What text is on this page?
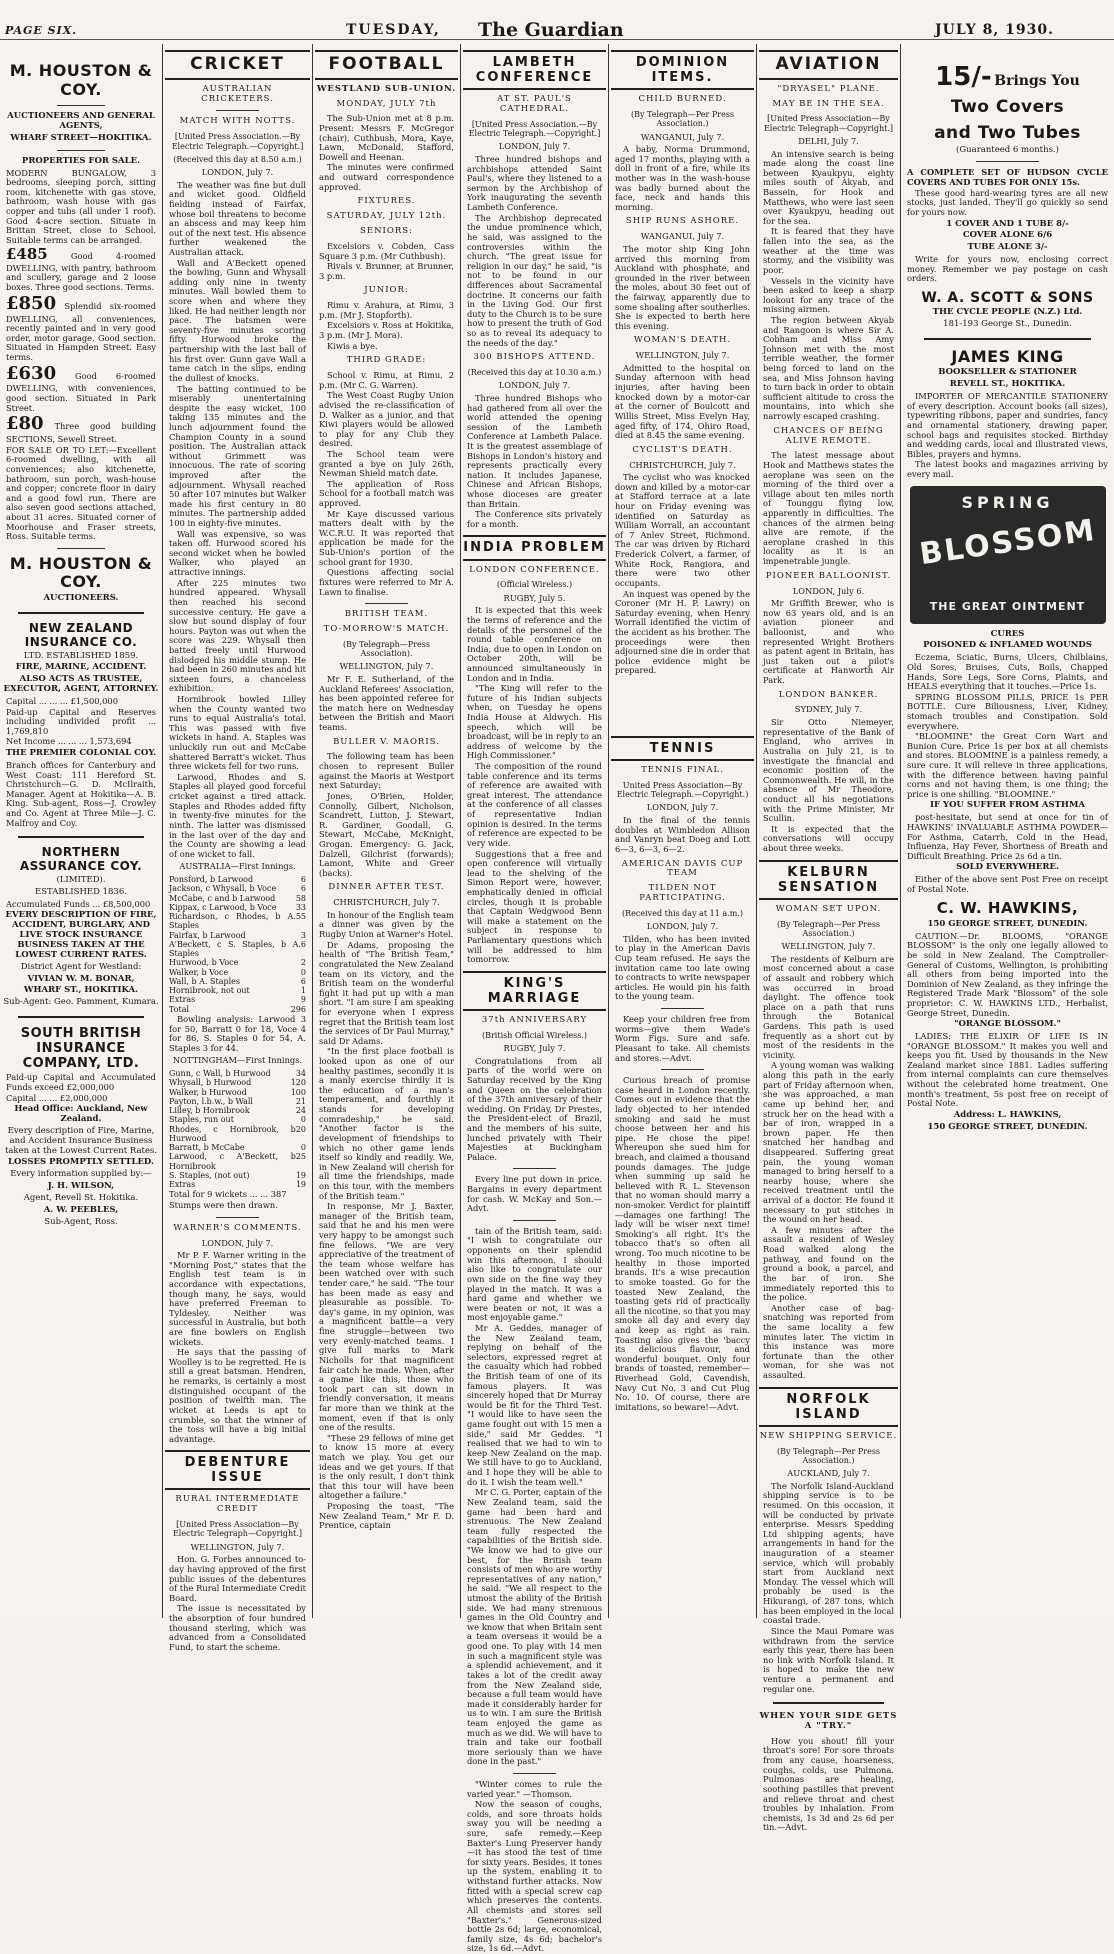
PAGE SIX.	TUESDAY, The Guardian	JULY 8, 1930.
M. HOUSTON & COY.
AUCTIONEERS AND GENERAL AGENTS,
WHARF STREET—HOKITIKA.
PROPERTIES FOR SALE.

MODERN BUNGALOW, 3 bedrooms, sleeping porch, sitting room, kitchenette with gas stove, bathroom, wash house with gas copper and tubs (all under 1 roof). Good 4-acre section. Situate in Brittan Street, close to School. Suitable terms can be arranged.

£485	Good 4-roomed DWELLING, with pantry, bathroom and scullery, garage and 2 loose boxes. Three good sections. Terms.

£850 Splendid six-roomed DWELLING, all conveniences, recently painted and in very good order, motor garage. Good section. Situated in Hampden Street. Easy terms.

£630 Good 6-roomed DWELLING, with conveniences, good section. Situated in Park Street.

£80 Three good building SECTIONS, Sewell Street.

FOR SALE OR TO LET:—Excellent 6-roomed dwelling, with all conveniences; also kitchenette, bathroom, sun porch, wash-house and copper; concrete floor in dairy and a good fowl run. There are also seven good sections attached, about 31 acres. Situated corner of Moorhouse and Fraser streets, Ross. Suitable terms.

M. HOUSTON & COY.
AUCTIONEERS.
NEW ZEALAND INSURANCE CO.
LTD. ESTABLISHED 1859.
FIRE, MARINE, ACCIDENT.
ALSO ACTS AS TRUSTEE, EXECUTOR, AGENT, ATTORNEY.
Capital ... ... ... £1,500,000
Paid-up Capital and Reserves including undivided profit ... 1,769,810
Net Income ... ... ... 1,573,694
THE PREMIER COLONIAL COY.

Branch offices for Canterbury and West Coast: 111 Hereford St. Christchurch—G. D. McIlraith, Manager. Agent at Hokitika—A. B. King. Sub-agent, Ross—J. Crowley and Co. Agent at Three Mile—J. C. Malfroy and Coy.

NORTHERN ASSURANCE COY.
(LIMITED).
ESTABLISHED 1836.
Accumulated Funds ... £8,500,000
EVERY DESCRIPTION OF FIRE, ACCIDENT, BURGLARY, AND LIVE STOCK INSURANCE BUSINESS TAKEN AT THE LOWEST CURRENT RATES.
District Agent for Westland:
VIVIAN W. M. BONAR,
WHARF ST., HOKITIKA.
Sub-Agent: Geo. Pamment, Kumara.
SOUTH BRITISH INSURANCE COMPANY, LTD.
Paid-up Capital and Accumulated Funds exceed £2,000,000
Capital ... ... £2,000,000
Head Office: Auckland, New Zealand.
Every description of Fire, Marine, and Accident Insurance Business taken at the Lowest Current Rates.
LOSSES PROMPTLY SETTLED.
Every information supplied by:—
J. H. WILSON,
Agent, Revell St. Hokitika.
A. W. PEEBLES,
Sub-Agent, Ross.
CRICKET
AUSTRALIAN CRICKETERS.
MATCH WITH NOTTS.
[United Press Association.—By Electric Telegraph.—Copyright.]
(Received this day at 8.50 a.m.)
LONDON, July 7.

The weather was fine but dull and wicket good. Oldfield fielding instead of Fairfax, whose boil threatens to become an abscess and may keep him out of the next test. His absence further weakened the Australian attack.

Wall and A'Beckett opened the bowling, Gunn and Whysall adding only nine in twenty minutes. Wall bowled them to score when and where they liked. He had neither length nor pace. The batsmen were seventy-five minutes scoring fifty. Hurwood broke the partnership with the last ball of his first over. Gunn gave Wall a tame catch in the slips, ending the dullest of knocks.

The batting continued to be miserably unentertaining despite the easy wicket, 100 taking 135 minutes and the lunch adjournment found the Champion County in a sound position. The Australian attack without Grimmett was innocuous. The rate of scoring improved after the adjournment. Whysall reached 50 after 107 minutes but Walker made his first century in 80 minutes. The partnership added 100 in eighty-five minutes.

Wall was expensive, so was taken off. Hurwood scored his second wicket when he bowled Walker, who played an attractive innings.

After 225 minutes two hundred appeared. Whysall then reached his second successive century. He gave a slow but sound display of four hours. Payton was out when the score was 229. Whysall then batted freely until Hurwood dislodged his middle stump. He had been in 260 minutes and hit sixteen fours, a chanceless exhibition.

Hornibrook bowled Lilley when the County wanted two runs to equal Australia's total. This was passed with five wickets in hand. A. Staples was unluckily run out and McCabe shattered Barratt's wicket. Thus three wickets fell for two runs.

Larwood, Rhodes and S. Staples all played good forceful cricket against a tired attack. Staples and Rhodes added fifty in twenty-five minutes for the ninth. The latter was dismissed in the last over of the day and the County are showing a lead of one wicket to fall.

AUSTRALIA—First Innings.
Ponsford, b Larwood	6
Jackson, c Whysall, b Voce	6
McCabe, c and b Larwood	58
Kippax, c Larwood, b Voce 33
Richardson, c Rhodes, b A. Staples
55
Fairfax, b Larwood	3
A'Beckett, c S. Staples, b A. Staples
6
Hurwood, b Voce	2
Walker, b Voce	0
Wall, b A. Staples	6
Hornibrook, not out	1
Extras	9
Total	296

Bowling analysis: Larwood 3 for 50, Barratt 0 for 18, Voce 4 for 86, S. Staples 0 for 54, A. Staples 3 for 44.

NOTTINGHAM—First Innings.
Gunn, c Wall, b Hurwood	34
Whysall, b Hurwood	120
Walker, b Hurwood	100
Payton, l.b.w., b Wall	21
Lilley, b Hornibrook	24
Staples, run out	0
Rhodes, c Hornibrook, b Hurwood
20
Barratt, b McCabe	0
Larwood, c A'Beckett, b Hornibrook
25
S. Staples, (not out)	19
Extras	19
Total for 9 wickets ... ... 387
Stumps were then drawn.
WARNER'S COMMENTS.
LONDON, July 7.

Mr P. F. Warner writing in the "Morning Post," states that the English test team is in accordance with expectations, though many, he says, would have preferred Freeman to Tyldesley. Neither was successful in Australia, but both are fine bowlers on English wickets.

He says that the passing of Woolley is to be regretted. He is still a great batsman. Hendren, he remarks, is certainly a most distinguished occupant of the position of twelfth man. The wicket at Leeds is apt to crumble, so that the winner of the toss will have a big initial advantage.

DEBENTURE ISSUE
RURAL INTERMEDIATE CREDIT
[United Press Association—By Electric Telegraph—Copyright.]
WELLINGTON, July 7.

Hon. G. Forbes announced to-day having approved of the first public issues of the debentures of the Rural Intermediate Credit Board.

The issue is necessitated by the absorption of four hundred thousand sterling, which was advanced from a Consolidated Fund, to start the scheme.

FOOTBALL
WESTLAND SUB-UNION.
MONDAY, JULY 7th

The Sub-Union met at 8 p.m. Present: Messrs F. McGregor (chair), Cuthbush, Mora, Kaye, Lawn, McDonald, Stafford, Dowell and Heenan.

The minutes were confirmed and outward correspondence approved.

FIXTURES.
SATURDAY, JULY 12th.
SENIORS:

Excelsiors v. Cobden, Cass Square 3 p.m. (Mr Cuthbush).

Rivals v. Brunner, at Brunner, 3 p.m.

JUNIOR:

Rimu v. Arahura, at Rimu, 3 p.m. (Mr J. Stopforth).

Excelsiors v. Ross at Hokitika, 3 p.m. (Mr J. Mora).

Kiwis a bye.

THIRD GRADE:

School v. Rimu, at Rimu, 2 p.m. (Mr C. G. Warren).

The West Coast Rugby Union advised the re-classification of D. Walker as a junior, and that Kiwi players would be allowed to play for any Club they desired.

The School team were granted a bye on July 26th, Newman Shield match date.

The application of Ross School for a football match was approved.

Mr Kaye discussed various matters dealt with by the W.C.R.U. It was reported that application be made for the Sub-Union's portion of the school grant for 1930.

Questions affecting social fixtures were referred to Mr A. Lawn to finalise.

BRITISH TEAM.
TO-MORROW'S MATCH.
(By Telegraph—Press Association).
WELLINGTON, July 7.

Mr F. E. Sutherland, of the Auckland Referees' Association, has been appointed referee for the match here on Wednesday between the British and Maori teams.

BULLER V. MAORIS.

The following team has been chosen to represent Buller against the Maoris at Westport next Saturday:

Jones, O'Brien, Holder, Connolly, Gilbert, Nicholson, Scandrett, Lutton, J. Stewart, R. Gardiner, Goodall, G. Stewart, McCabe, McKnight, Grogan. Emergency: G. Jack, Dalzell, Gilchrist (forwards); Lamont, White and Greer (backs).

DINNER AFTER TEST.
CHRISTCHURCH, July 7.

In honour of the English team a dinner was given by the Rugby Union at Warner's Hotel.

Dr Adams, proposing the health of "The British Team," congratulated the New Zealand team on its victory, and the British team on the wonderful fight it had put up with a man short. "I am sure I am speaking for everyone when I express regret that the British team lost the services of Dr Paul Murray," said Dr Adams.

"In the first place football is looked upon as one of our healthy pastimes, secondly it is a manly exercise thirdly it is the education of a man's temperament, and fourthly it stands for developing comradeship," he said. "Another factor is the development of friendships to which no other game lends itself so kindly and readily. We, in New Zealand will cherish for all time the friendships, made on this tour, with the members of the British team."

In response, Mr J. Baxter, manager of the British team, said that he and his men were very happy to be amongst such fine fellows. "We are very appreciative of the treatment of the team whose welfare has been watched over with such tender care," he said. "The tour has been made as easy and pleasurable as possible. To-day's game, in my opinion, was a magnificent battle—a very fine struggle—between two very evenly-matched teams. I give full marks to Mark Nicholls for that magnificent fair catch he made. When, after a game like this, those who took part can sit down in friendly conversation, it means far more than we think at the moment, even if that is only one of the results.

"These 29 fellows of mine get to know 15 more at every match we play. You get our ideas and we get yours. If that is the only result, I don't think that this tour will have been altogether a failure."

Proposing the toast, "The New Zealand Team," Mr F. D. Prentice, captain

LAMBETH CONFERENCE
AT ST. PAUL'S CATHEDRAL.
[United Press Association.—By Electric Telegraph.—Copyright.]
LONDON, July 7.

Three hundred bishops and archbishops attended Saint Paul's, where they listened to a sermon by the Archbishop of York inaugurating the seventh Lambeth Conference.

The Archbishop deprecated the undue prominence which, he said, was assigned to the controversies within the church. "The great issue for religion in our day," he said, "is not to be found in our differences about Sacramental doctrine. It concerns our faith in the Living God. Our first duty to the Church is to be sure how to present the truth of God so as to reveal its adequacy to the needs of the day."

300 BISHOPS ATTEND.
(Received this day at 10.30 a.m.)
LONDON, July 7.

Three hundred Bishops who had gathered from all over the world attended the opening session of the Lambeth Conference at Lambeth Palace. It is the greatest assemblage of Bishops in London's history and represents practically every nation. It includes Japanese, Chinese and African Bishops, whose dioceses are greater than Britain.

The Conference sits privately for a month.

INDIA PROBLEM
LONDON CONFERENCE.
(Official Wireless.)
RUGBY, July 5.

It is expected that this week the terms of reference and the details of the personnel of the round table conference on India, due to open in London on October 20th, will be announced simultaneously in London and in India.

"The King will refer to the future of his Indian subjects when, on Tuesday he opens India House at Aldwych. His speech, which will be broadcast, will be in reply to an address of welcome by the High Commissioner."

The composition of the round table conference and its terms of reference are awaited with great interest. The attendance at the conference of all classes of representative Indian opinion is desired. In the terms of reference are expected to be very wide.

Suggestions that a free and open conference will virtually lead to the shelving of the Simon Report were, however, emphatically denied in official circles, though it is probable that Captain Wedgwood Benn will make a statement on the subject in response to Parliamentary questions which will be addressed to him tomorrow.

KING'S MARRIAGE
37th ANNIVERSARY
(British Official Wireless.)
RUGBY, July 7.

Congratulations from all parts of the world were on Saturday received by the King and Queen on the celebration of the 37th anniversary of their wedding. On Friday, Dr Prestes, the President-elect of Brazil, and the members of his suite, lunched privately with Their Majesties at Buckingham Palace.

Every line put down in price. Bargains in every department for cash. W. McKay and Son.—Advt.

tain of the British team, said: "I wish to congratulate our opponents on their splendid win this afternoon. I should also like to congratulate our own side on the fine way they played in the match. It was a hard game and whether we were beaten or not, it was a most enjoyable game."

Mr A. Geddes, manager of the New Zealand team, replying on behalf of the selectors, expressed regret at the casualty which had robbed the British team of one of its famous players. It was sincerely hoped that Dr Murray would be fit for the Third Test. "I would like to have seen the game fought out with 15 men a side," said Mr Geddes. "I realised that we had to win to keep New Zealand on the map. We still have to go to Auckland, and I hope they will be able to do it. I wish the team well."

Mr C. G. Porter, captain of the New Zealand team, said the game had been hard and strenuous. The New Zealand team fully respected the capabilities of the British side. "We know we had to give our best, for the British team consists of men who are worthy representatives of any nation," he said. "We all respect to the utmost the ability of the British side. We had many strenuous games in the Old Country and we know that when Britain sent a team overseas it would be a good one. To play with 14 men in such a magnificent style was a splendid achievement, and it takes a lot of the credit away from the New Zealand side, because a full team would have made it considerably harder for us to win. I am sure the British team enjoyed the game as much as we did. We will have to train and take our football more seriously than we have done in the past."

"Winter comes to rule the varied year." —Thomson.

Now the season of coughs, colds, and sore throats holds sway you will be needing a sure, safe remedy.—Keep Baxter's Lung Preserver handy—it has stood the test of time for sixty years. Besides, it tones up the system, enabling it to withstand further attacks. Now fitted with a special screw cap which preserves the contents. All chemists and stores sell "Baxter's." Generous-sized bottle 2s 6d; large, economical, family size, 4s 6d; bachelor's size, 1s 6d.—Advt.

DOMINION ITEMS.
CHILD BURNED.
(By Telegraph—Per Press Association.)
WANGANUI, July 7.

A baby, Norma Drummond, aged 17 months, playing with a doll in front of a fire, while its mother was in the wash-house was badly burned about the face, neck and hands this morning.

SHIP RUNS ASHORE.
WANGANUI, July 7.

The motor ship King John arrived this morning from Auckland with phosphate, and grounded in the river between the moles, about 30 feet out of the fairway, apparently due to some shoaling after southerlies. She is expected to berth here this evening.

WOMAN'S DEATH.
WELLINGTON, July 7.

Admitted to the hospital on Sunday afternoon with head injuries, after having been knocked down by a motor-car at the corner of Boulcott and Willis Street, Miss Evelyn Hay, aged fifty, of 174, Ohiro Road, died at 8.45 the same evening.

CYCLIST'S DEATH.
CHRISTCHURCH, July 7.

The cyclist who was knocked down and killed by a motor-car at Stafford terrace at a late hour on Friday evening was identified on Saturday as William Worrall, an accountant of 7 Anlev Street, Richmond. The car was driven by Richard Frederick Colvert, a farmer, of White Rock, Rangiora, and there were two other occupants.

An inquest was opened by the Coroner (Mr H. P. Lawry) on Saturday evening, when Henry Worrall identified the victim of the accident as his brother. The proceedings were then adjourned sine die in order that police evidence might be prepared.

TENNIS
TENNIS FINAL.
United Press Association—By Electric Telegraph.—Copyright.)
LONDON, July 7.

In the final of the tennis doubles at Wimbledon Allison and Vanryn beat Doeg and Lott 6—3, 6—3, 6—2.

AMERICAN DAVIS CUP TEAM
TILDEN NOT PARTICIPATING.
(Received this day at 11 a.m.)
LONDON, July 7.

Tilden, who has been invited to play in the American Davis Cup team refused. He says the invitation came too late owing to contracts to write newspaper articles. He would pin his faith to the young team.

Keep your children free from worms—give them Wade's Worm Figs. Sure and safe. Pleasant to take. All chemists and stores.—Advt.

Curious breach of promise case heard in London recently. Comes out in evidence that the lady objected to her intended smoking and said he must choose between her and his pipe. He chose the pipe! Whereupon she sued him for breach, and claimed a thousand pounds damages. The judge when summing up said he believed with R. L. Stevenson that no woman should marry a non-smoker. Verdict for plaintiff—damages one farthing! The lady will be wiser next time! Smoking's all right. It's the tobacco that's so often all wrong. Too much nicotine to be healthy in those imported brands. It's a wise precaution to smoke toasted. Go for the toasted New Zealand, the toasting gets rid of practically all the nicotine, so that you may smoke all day and every day and keep as right as rain. Toasting also gives the 'baccy its delicious flavour, and wonderful bouquet. Only four brands of toasted, remember—Riverhead Gold, Cavendish, Navy Cut No. 3 and Cut Plug No. 10. Of course, there are imitations, so beware!—Advt.

AVIATION
"DRYASEL" PLANE.
MAY BE IN THE SEA.
[United Press Association—By Electric Telegraph—Copyright.]
DELHI, July 7.

An intensive search is being made along the coast line between Kyaukpyu, eighty miles south of Akyab, and Bassein, for Hook and Matthews, who were last seen over Kyaukpyu, heading out for the sea.

It is feared that they have fallen into the sea, as the weather at the time was stormy, and the visibility was poor.

Vessels in the vicinity have been asked to keep a sharp lookout for any trace of the missing airmen.

The region between Akyab and Rangoon is where Sir A. Cobham and Miss Amy Johnson met with the most terrible weather, the former being forced to land on the sea, and Miss Johnson having to turn back in order to obtain sufficient altitude to cross the mountains, into which she narrowly escaped crashing.

CHANCES OF BEING ALIVE REMOTE.

The latest message about Hook and Matthews states the aeroplane was seen on the morning of the third over a village about ten miles north of Tounggu flying low, apparently in difficulties. The chances of the airmen being alive are remote, if the aeroplane crashed in this locality as it is an impenetrable jungle.

PIONEER BALLOONIST.
LONDON, July 6.

Mr Griffith Brewer, who is now 63 years old, and is an aviation pioneer and balloonist, and who represented Wright Brothers as patent agent in Britain, has just taken out a pilot's certificate at Hanworth Air Park.

LONDON BANKER.
SYDNEY, July 7.

Sir Otto Niemeyer, representative of the Bank of England, who arrives in Australia on July 21, is to investigate the financial and economic position of the Commonwealth. He will, in the absence of Mr Theodore, conduct all his negotiations with the Prime Minister, Mr Scullin.

It is expected that the conversations will occupy about three weeks.

KELBURN SENSATION
WOMAN SET UPON.
(By Telegraph—Per Press Association.)
WELLINGTON, July 7.

The residents of Kelburn are most concerned about a case of assault and robbery which was occurred in broad daylight. The offence took place on a path that runs through the Botanical Gardens. This path is used frequently as a short cut by most of the residents in the vicinity.

A young woman was walking along this path in the early part of Friday afternoon when, she was approached, a man came up behind her, and struck her on the head with a bar of iron, wrapped in a brown paper. He then snatched her handbag and disappeared. Suffering great pain, the young woman managed to bring herself to a nearby house, where she received treatment until the arrival of a doctor. He found it necessary to put stitches in the wound on her head.

A few minutes after the assault a resident of Wesley Road walked along the pathway, and found on the ground a book, a parcel, and the bar of iron. She immediately reported this to the police.

Another case of bag-snatching was reported from the same locality a few minutes later. The victim in this instance was more fortunate than the other woman, for she was not assaulted.

NORFOLK ISLAND
NEW SHIPPING SERVICE.
(By Telegraph—Per Press Association.)
AUCKLAND, July 7.

The Norfolk Island-Auckland shipping service is to be resumed. On this occasion, it will be conducted by private enterprise. Messrs Spedding Ltd shipping agents, have arrangements in hand for the inauguration of a steamer service, which will probably start from Auckland next Monday. The vessel which will probably be used is the Hikurangi, of 287 tons, which has been employed in the local coastal trade.

Since the Maui Pomare was withdrawn from the service early this year, there has been no link with Norfolk Island. It is hoped to make the new venture a permanent and regular one.

WHEN YOUR SIDE GETS A "TRY."

How you shout! fill your throat's sore! For sore throats from any cause, hoarseness, coughs, colds, use Pulmona. Pulmonas are healing, soothing pastilles that prevent and relieve throat and chest troubles by inhalation. From chemists, 1s 3d and 2s 6d per tin.—Advt.

15/- Brings You
Two Covers
and Two Tubes
(Guaranteed 6 months.)

A COMPLETE SET OF HUDSON CYCLE COVERS AND TUBES FOR ONLY 15s.

These good hard-wearing tyres are all new stocks, just landed. They'll go quickly so send for yours now.

1 COVER AND 1 TUBE 8/-
COVER ALONE 6/6
TUBE ALONE 3/-

Write for yours now, enclosing correct money. Remember we pay postage on cash orders.

W. A. SCOTT & SONS
THE CYCLE PEOPLE (N.Z.) Ltd.
181-193 George St., Dunedin.
JAMES KING
BOOKSELLER & STATIONER
REVELL ST., HOKITIKA.

IMPORTER OF MERCANTILE STATIONERY of every description. Account books (all sizes), typewriting ribbons, paper and sundries, fancy and ornamental stationery, drawing paper, school bags and requisites stocked. Birthday and wedding cards, local and illustrated views, Bibles, prayers and hymns.

The latest books and magazines arriving by every mail.

SPRING
BLOSSOM
THE GREAT OINTMENT
CURES
POISONED & INFLAMED WOUNDS

Eczema, Sciatic, Burns, Ulcers, Chilblains, Old Sores, Bruises, Cuts, Boils, Chapped Hands, Sore Legs, Sore Corns, Plaints, and HEALS everything that it touches.—Price 1s.

SPRING BLOSSOM PILLS, PRICE 1s PER BOTTLE. Cure Biliousness, Liver, Kidney, stomach troubles and Constipation. Sold everywhere.

"BLOOMINE" the Great Corn Wart and Bunion Cure. Price 1s per box at all chemists and stores. BLOOMINE is a painless remedy, a sure cure. It will relieve in three applications, with the difference between having painful corns and not having them, is one thing; the price is one shilling. "BLOOMINE."

IF YOU SUFFER FROM ASTHMA

post-hesitate, but send at once for tin of HAWKINS' INVALUABLE ASTHMA POWDER—For Asthma, Catarrh, Cold in the Head, Influenza, Hay Fever, Shortness of Breath and Difficult Breathing. Price 2s 6d a tin.

SOLD EVERYWHERE.

Either of the above sent Post Free on receipt of Postal Note.

C. W. HAWKINS,
150 GEORGE STREET, DUNEDIN.

CAUTION.—Dr. BLOOMS, "ORANGE BLOSSOM" is the only one legally allowed to be sold in New Zealand. The Comptroller-General of Customs, Wellington, is prohibiting all others from being imported into the Dominion of New Zealand, as they infringe the Registered Trade Mark "Blossom" of the sole proprietor: C. W. HAWKINS LTD., Herbalist, George Street, Dunedin.

"ORANGE BLOSSOM."

LADIES: THE ELIXIR OF LIFE IS IN "ORANGE BLOSSOM." It makes you well and keeps you fit. Used by thousands in the New Zealand market since 1881. Ladies suffering from internal complaints can cure themselves without the celebrated home treatment. One month's treatment, 5s post free on receipt of Postal Note.

Address: L. HAWKINS,
150 GEORGE STREET, DUNEDIN.
